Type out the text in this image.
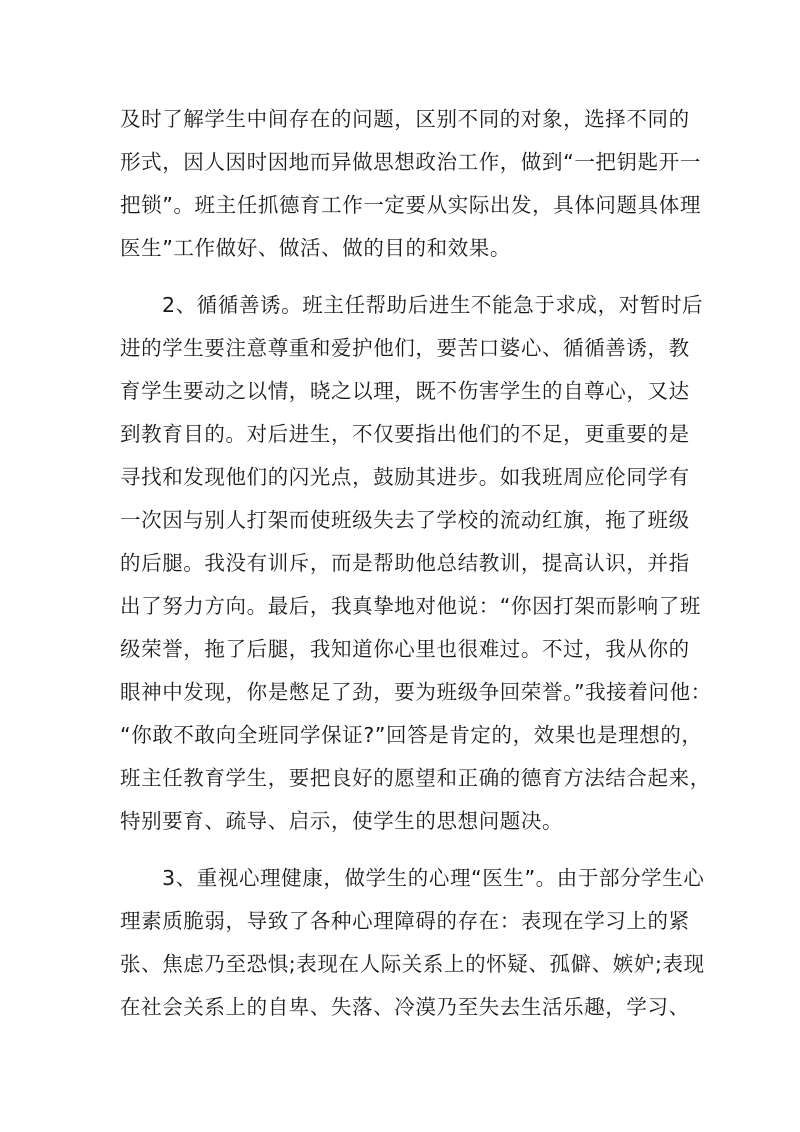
及时了解学生中间存在的问题，区别不同的对象，选择不同的
形式，因人因时因地而异做思想政治工作，做到“一把钥匙开一
把锁”。班主任抓德育工作一定要从实际出发，具体问题具体理
医生”工作做好、做活、做的目的和效果。
2、循循善诱。班主任帮助后进生不能急于求成，对暂时后
进的学生要注意尊重和爱护他们，要苦口婆心、循循善诱，教
育学生要动之以情，晓之以理，既不伤害学生的自尊心，又达
到教育目的。对后进生，不仅要指出他们的不足，更重要的是
寻找和发现他们的闪光点，鼓励其进步。如我班周应伦同学有
一次因与别人打架而使班级失去了学校的流动红旗，拖了班级
的后腿。我没有训斥，而是帮助他总结教训，提高认识，并指
出了努力方向。最后，我真挚地对他说：“你因打架而影响了班
级荣誉，拖了后腿，我知道你心里也很难过。不过，我从你的
眼神中发现，你是憋足了劲，要为班级争回荣誉。”我接着问他：
“你敢不敢向全班同学保证?”回答是肯定的，效果也是理想的，
班主任教育学生，要把良好的愿望和正确的德育方法结合起来，
特别要育、疏导、启示，使学生的思想问题决。
3、重视心理健康，做学生的心理“医生”。由于部分学生心
理素质脆弱，导致了各种心理障碍的存在：表现在学习上的紧
张、焦虑乃至恐惧;表现在人际关系上的怀疑、孤僻、嫉妒;表现
在社会关系上的自卑、失落、冷漠乃至失去生活乐趣，学习、
